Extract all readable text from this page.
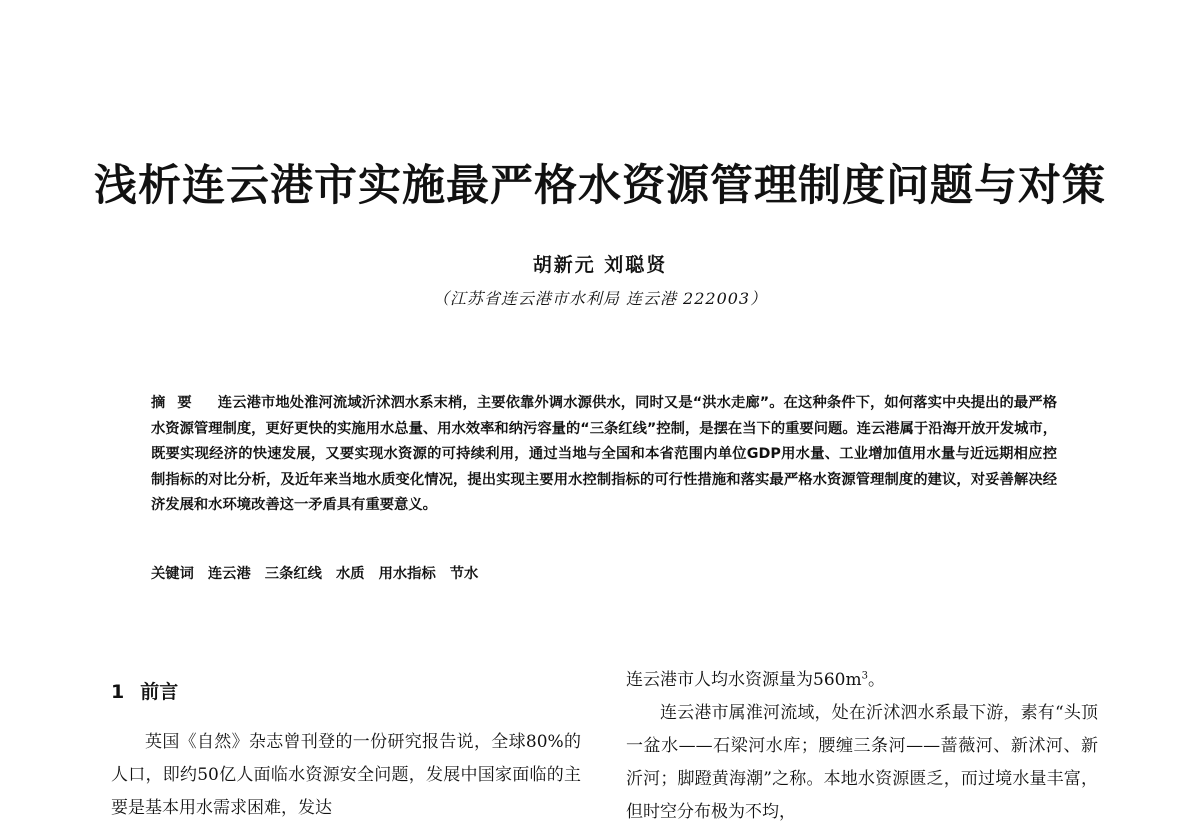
浅析连云港市实施最严格水资源管理制度问题与对策
胡新元 刘聪贤
（江苏省连云港市水利局 连云港 222003）
摘要 连云港市地处淮河流域沂沭泗水系末梢，主要依靠外调水源供水，同时又是“洪水走廊”。在这种条件下，如何落实中央提出的最严格水资源管理制度，更好更快的实施用水总量、用水效率和纳污容量的“三条红线”控制，是摆在当下的重要问题。连云港属于沿海开放开发城市，既要实现经济的快速发展，又要实现水资源的可持续利用，通过当地与全国和本省范围内单位GDP用水量、工业增加值用水量与近远期相应控制指标的对比分析，及近年来当地水质变化情况，提出实现主要用水控制指标的可行性措施和落实最严格水资源管理制度的建议，对妥善解决经济发展和水环境改善这一矛盾具有重要意义。
关键词 连云港 三条红线 水质 用水指标 节水
1 前言

英国《自然》杂志曾刊登的一份研究报告说，全球80%的人口，即约50亿人面临水资源安全问题，发展中国家面临的主要是基本用水需求困难，发达

连云港市人均水资源量为$560m^3$。

连云港市属淮河流域，处在沂沭泗水系最下游，素有“头顶一盆水——石梁河水库；腰缠三条河——蔷薇河、新沭河、新沂河；脚蹬黄海潮”之称。本地水资源匮乏，而过境水量丰富，但时空分布极为不均，
